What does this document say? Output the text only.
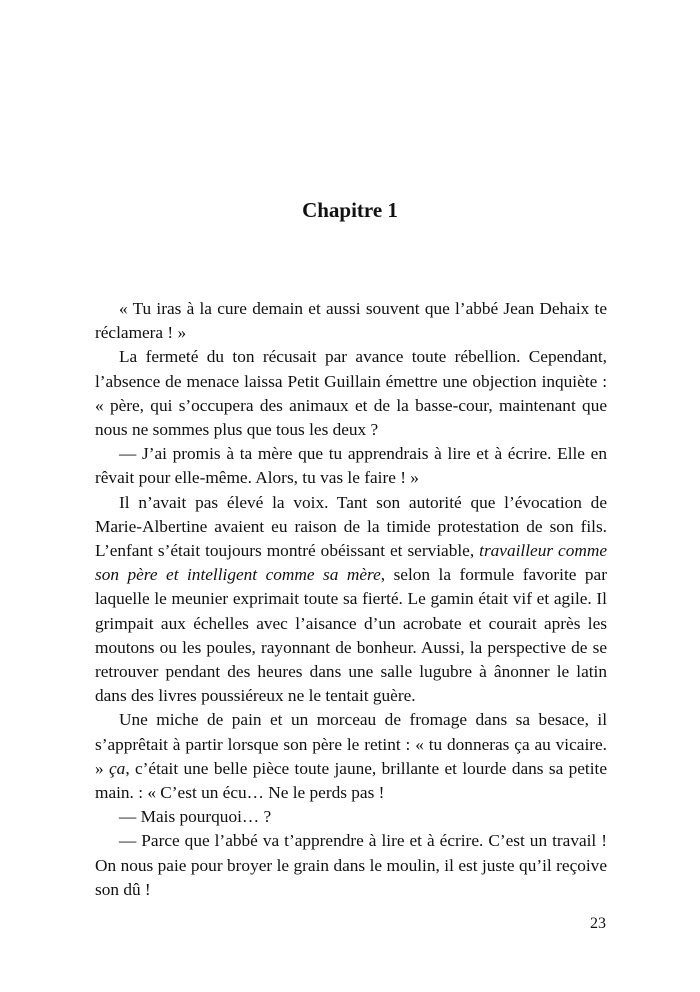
Chapitre 1

« Tu iras à la cure demain et aussi souvent que l’abbé Jean Dehaix te réclamera ! »

La fermeté du ton récusait par avance toute rébellion. Cependant, l’absence de menace laissa Petit Guillain émettre une objection inquiète : « père, qui s’occupera des animaux et de la basse-cour, maintenant que nous ne sommes plus que tous les deux ?

— J’ai promis à ta mère que tu apprendrais à lire et à écrire. Elle en rêvait pour elle-même. Alors, tu vas le faire ! »

Il n’avait pas élevé la voix. Tant son autorité que l’évocation de Marie-Albertine avaient eu raison de la timide protestation de son fils. L’enfant s’était toujours montré obéissant et serviable, travailleur comme son père et intelligent comme sa mère, selon la formule favorite par laquelle le meunier exprimait toute sa fierté. Le gamin était vif et agile. Il grimpait aux échelles avec l’aisance d’un acrobate et courait après les moutons ou les poules, rayonnant de bonheur. Aussi, la perspective de se retrouver pendant des heures dans une salle lugubre à ânonner le latin dans des livres poussiéreux ne le tentait guère.

Une miche de pain et un morceau de fromage dans sa besace, il s’apprêtait à partir lorsque son père le retint : « tu donneras ça au vicaire. » ça, c’était une belle pièce toute jaune, brillante et lourde dans sa petite main. : « C’est un écu… Ne le perds pas !

— Mais pourquoi… ?

— Parce que l’abbé va t’apprendre à lire et à écrire. C’est un travail ! On nous paie pour broyer le grain dans le moulin, il est juste qu’il reçoive son dû !

23
